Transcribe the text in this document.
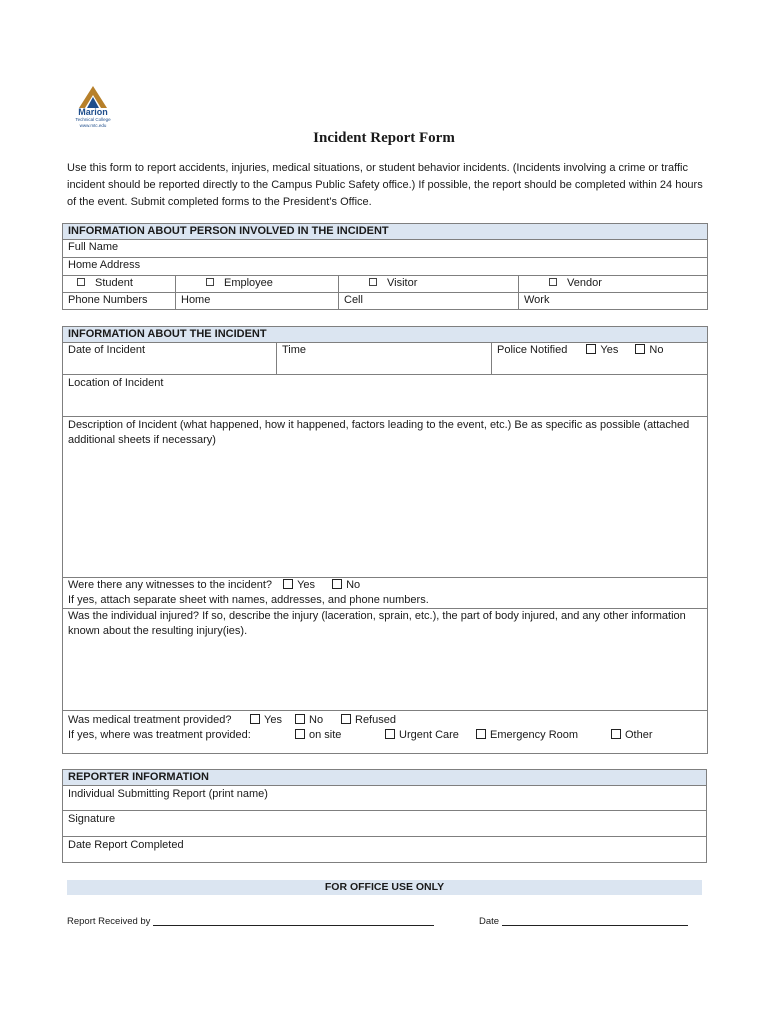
Marion
Technical College
www.mtc.edu
Incident Report Form
Use this form to report accidents, injuries, medical situations, or student behavior incidents. (Incidents involving a crime or traffic incident should be reported directly to the Campus Public Safety office.) If possible, the report should be completed within 24 hours of the event. Submit completed forms to the President’s Office.
INFORMATION ABOUT PERSON INVOLVED IN THE INCIDENT			
Full Name			
Home Address			
Student	Employee	Visitor	Vendor
Phone Numbers	Home	Cell	Work
INFORMATION ABOUT THE INCIDENT
Date of Incident	Time	Police Notified	Yes	No
Location of Incident
Description of Incident (what happened, how it happened, factors leading to the event, etc.) Be as specific as possible (attached additional sheets if necessary)

Were there any witnesses to the incident? Yes	No
If yes, attach separate sheet with names, addresses, and phone numbers.

Was the individual injured? If so, describe the injury (laceration, sprain, etc.), the part of body injured, and any other information known about the resulting injury(ies).

Was medical treatment provided?	Yes	No	Refused
If yes, where was treatment provided:	on site	Urgent Care	Emergency Room	Other
REPORTER INFORMATION
Individual Submitting Report (print name)
Signature
Date Report Completed
FOR OFFICE USE ONLY
Report Received by	Date
